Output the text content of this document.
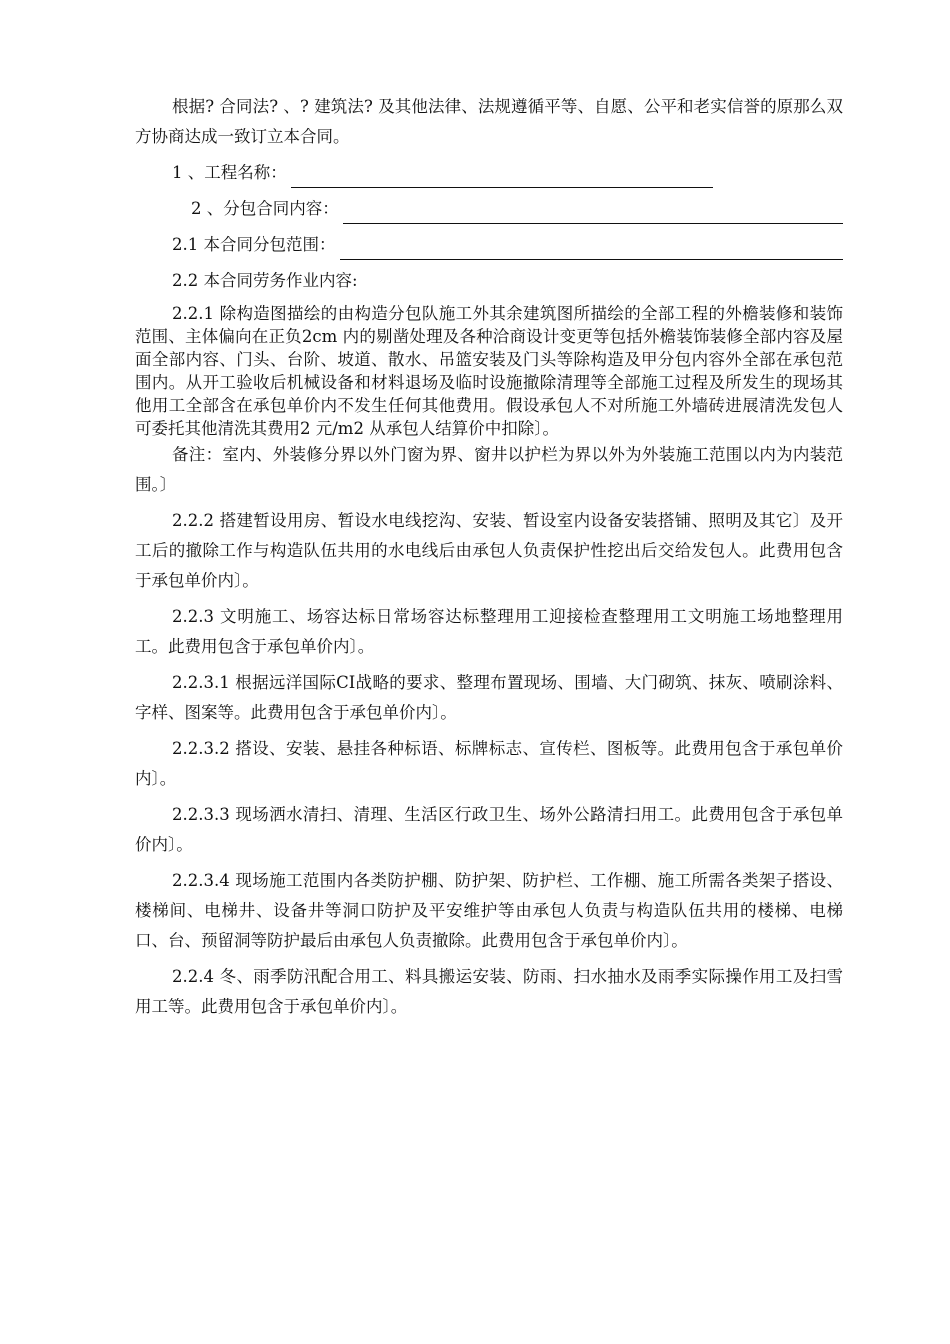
根据? 合同法? 、? 建筑法? 及其他法律、法规遵循平等、自愿、公平和老实信誉的原那么双方协商达成一致订立本合同。

1 、工程名称：
2 、分包合同内容：
2.1 本合同分包范围：

2.2 本合同劳务作业内容:

2.2.1 除构造图描绘的由构造分包队施工外其余建筑图所描绘的全部工程的外檐装修和装饰范围、主体偏向在正负2cm 内的剔凿处理及各种洽商设计变更等包括外檐装饰装修全部内容及屋面全部内容、门头、台阶、坡道、散水、吊篮安装及门头等除构造及甲分包内容外全部在承包范围内。从开工验收后机械设备和材料退场及临时设施撤除清理等全部施工过程及所发生的现场其他用工全部含在承包单价内不发生任何其他费用。假设承包人不对所施工外墙砖进展清洗发包人可委托其他清洗其费用2 元/m2 从承包人结算价中扣除〕。

备注：室内、外装修分界以外门窗为界、窗井以护栏为界以外为外装施工范围以内为内装范围。〕

2.2.2 搭建暂设用房、暂设水电线挖沟、安装、暂设室内设备安装搭铺、照明及其它〕及开工后的撤除工作与构造队伍共用的水电线后由承包人负责保护性挖出后交给发包人。此费用包含于承包单价内〕。

2.2.3 文明施工、场容达标日常场容达标整理用工迎接检查整理用工文明施工场地整理用工。此费用包含于承包单价内〕。

2.2.3.1 根据远洋国际CI战略的要求、整理布置现场、围墙、大门砌筑、抹灰、喷刷涂料、字样、图案等。此费用包含于承包单价内〕。

2.2.3.2 搭设、安装、悬挂各种标语、标牌标志、宣传栏、图板等。此费用包含于承包单价内〕。

2.2.3.3 现场洒水清扫、清理、生活区行政卫生、场外公路清扫用工。此费用包含于承包单价内〕。

2.2.3.4 现场施工范围内各类防护棚、防护架、防护栏、工作棚、施工所需各类架子搭设、楼梯间、电梯井、设备井等洞口防护及平安维护等由承包人负责与构造队伍共用的楼梯、电梯口、台、预留洞等防护最后由承包人负责撤除。此费用包含于承包单价内〕。

2.2.4 冬、雨季防汛配合用工、料具搬运安装、防雨、扫水抽水及雨季实际操作用工及扫雪用工等。此费用包含于承包单价内〕。
